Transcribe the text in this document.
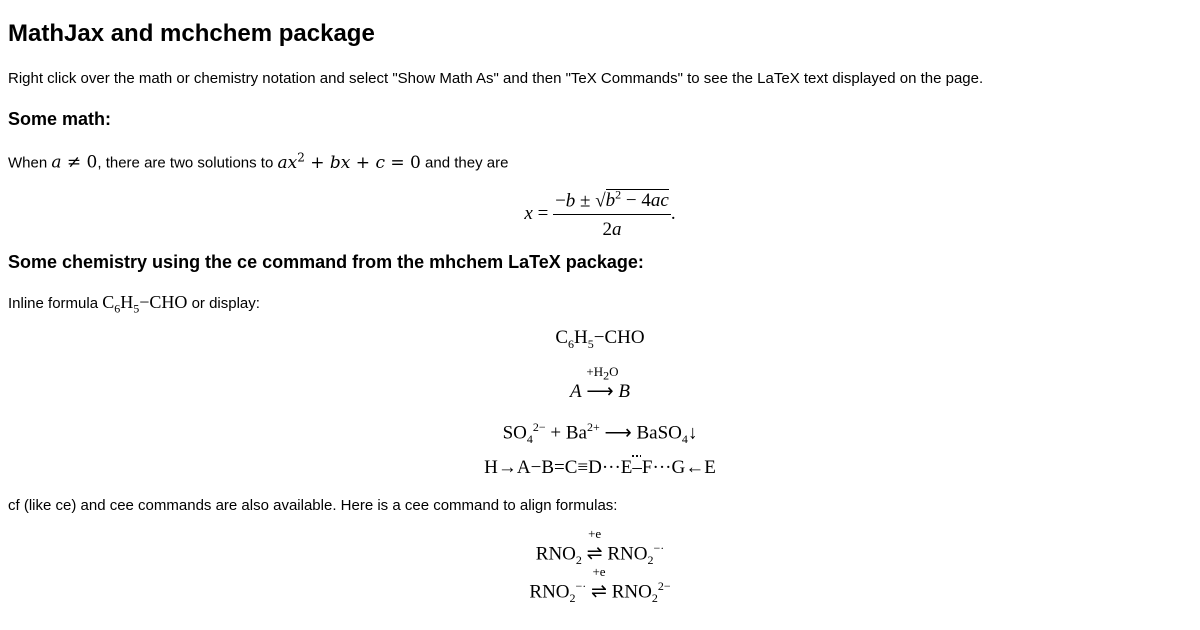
MathJax and mchchem package

Right click over the math or chemistry notation and select "Show Math As" and then "TeX Commands" to see the LaTeX text displayed on the page.

Some math:

When a ≠ 0, there are two solutions to $ax^2$ + bx + c = 0 and they are

$x = \frac{-b \pm √b^2 - 4ac}{2a}$ .
Some chemistry using the ce command from the mhchem LaTeX package:

Inline formula $C_6H_5-CHO$ or display:

$C_6H_5-CHO$
A
$+H_2O$
⟶ B
$SO_4^{2-} + Ba^{2+}$ ⟶ BaSO$_4$↓
H→A−B=C≡D···E–F···G←E

cf (like ce) and cee commands are also available. Here is a cee command to align formulas:

$RNO_2$
+e
⇌ $RNO_2^{-\cdot}$
$RNO_2^{-\cdot}$
+e
⇌ $RNO_2^{2-}$
